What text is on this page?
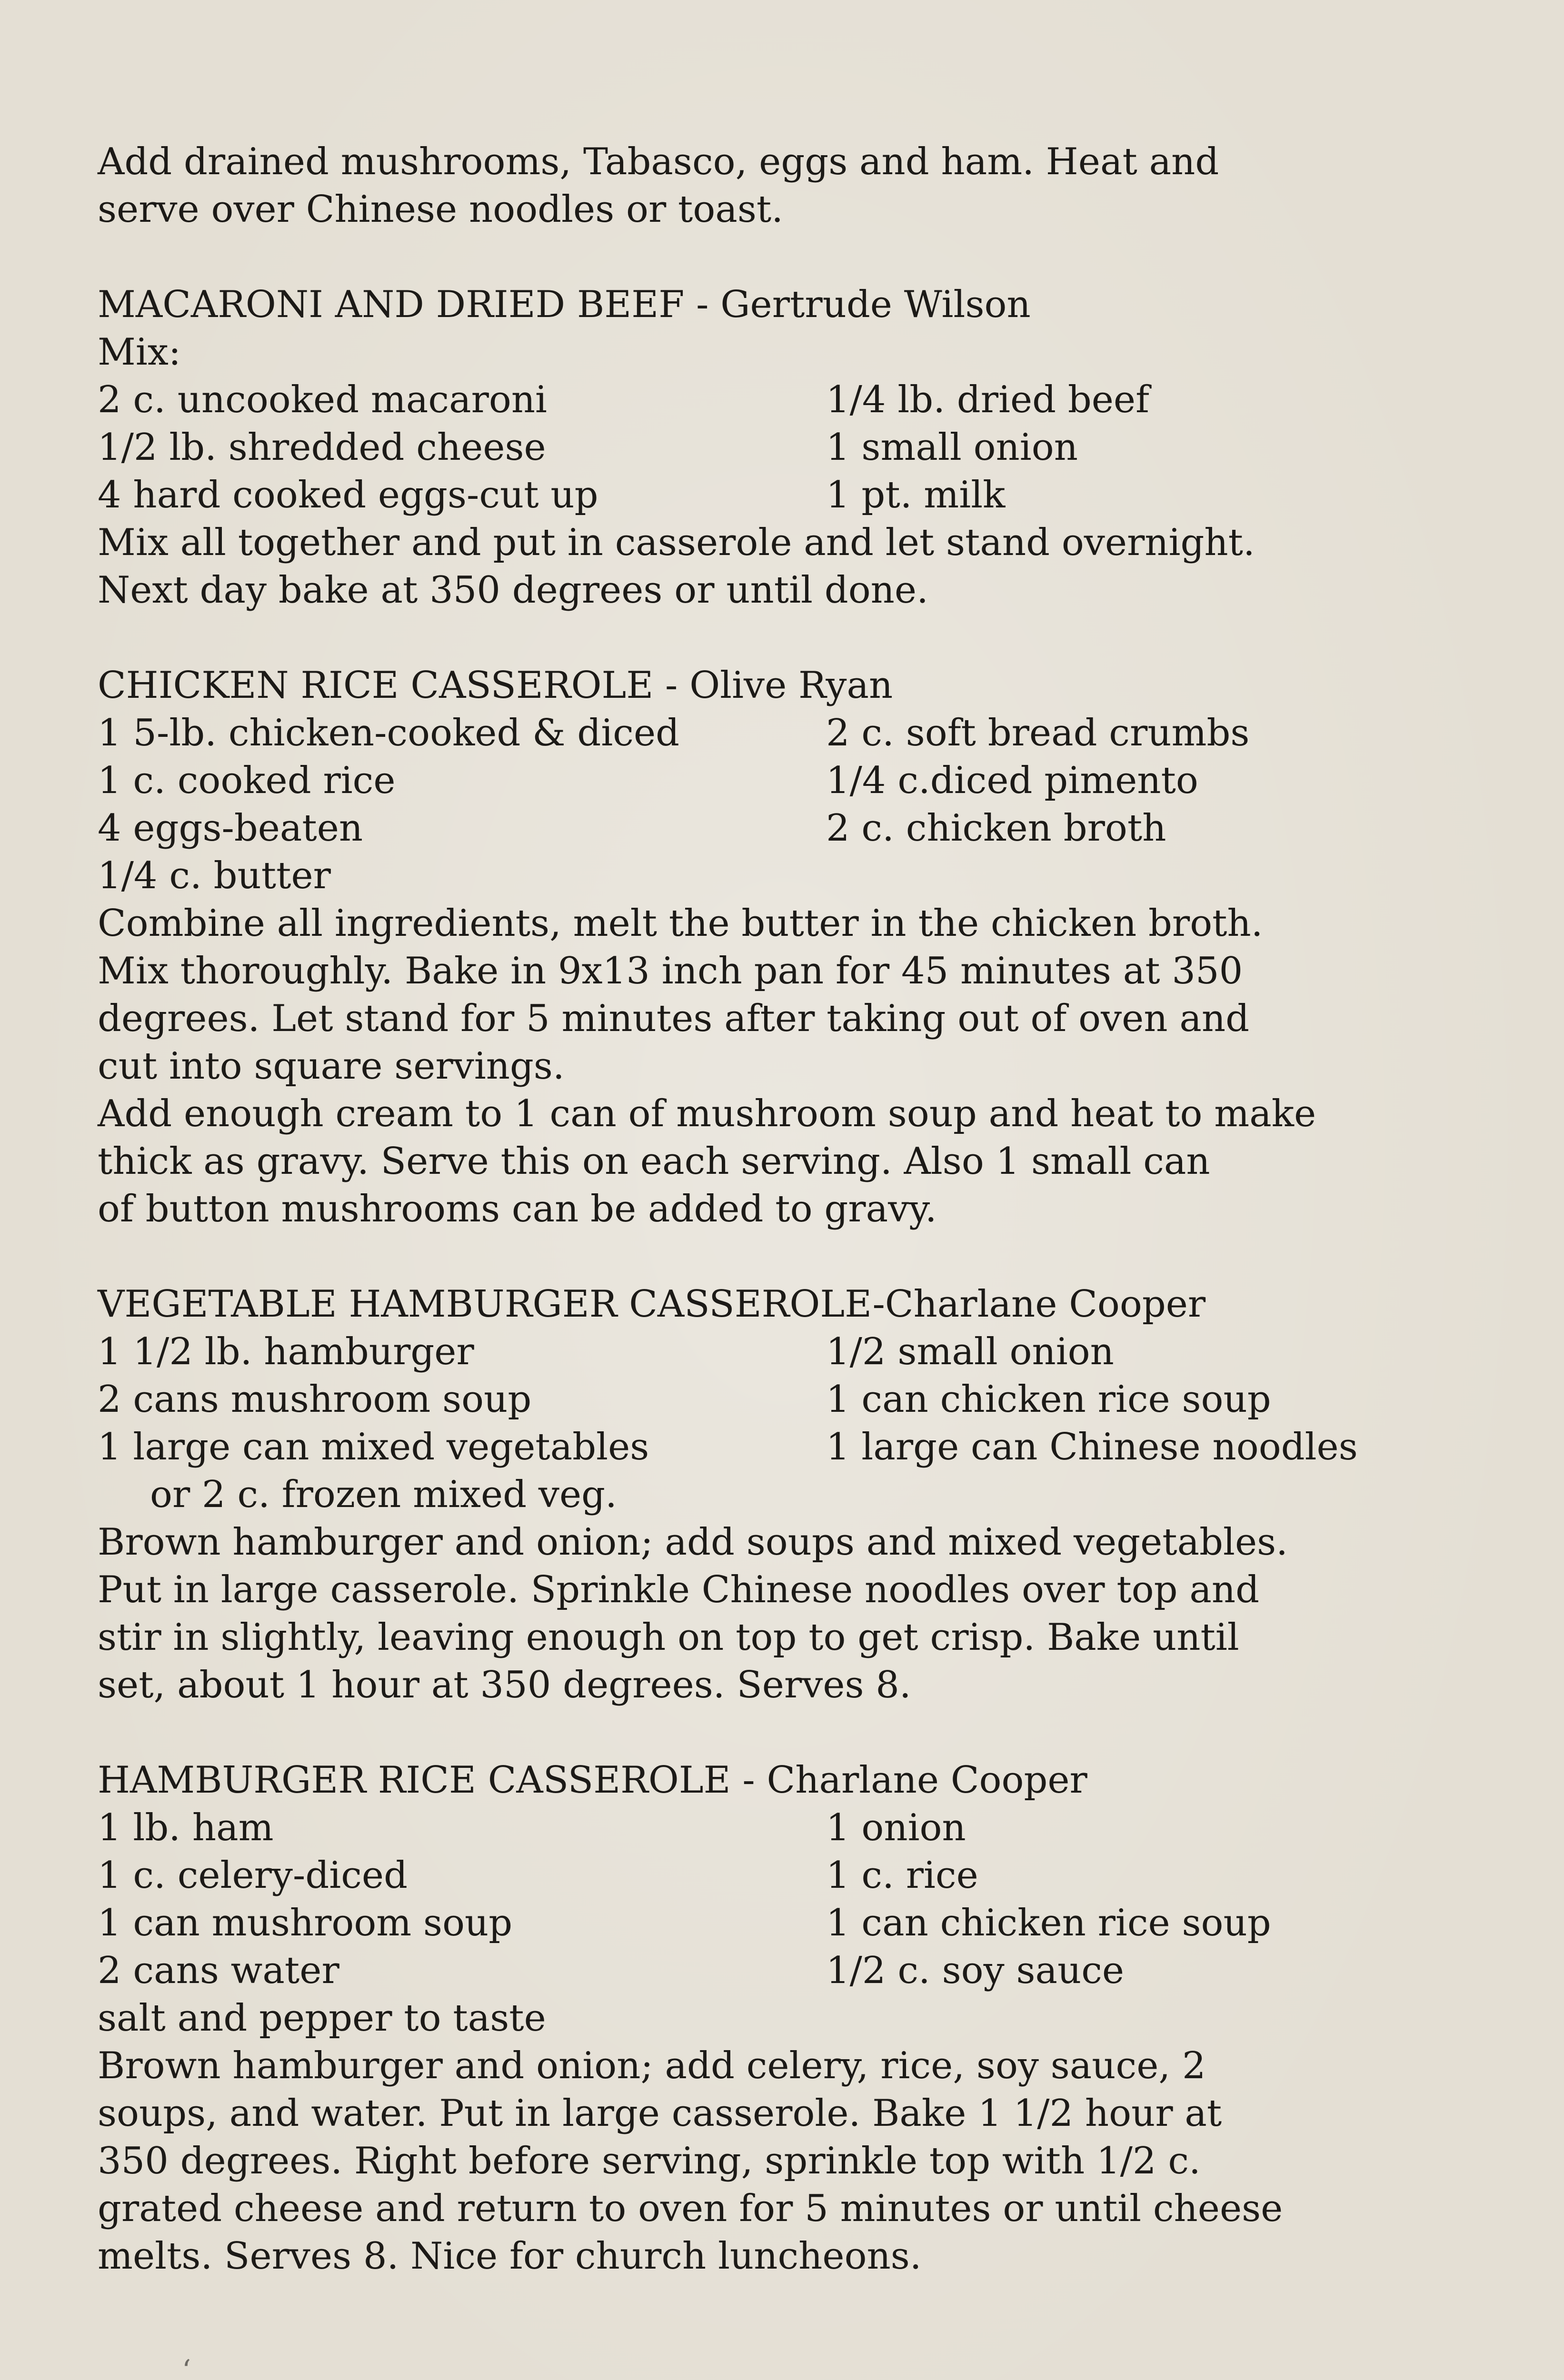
Add drained mushrooms, Tabasco, eggs and ham. Heat and
serve over Chinese noodles or toast.
MACARONI AND DRIED BEEF - Gertrude Wilson
Mix:
2 c. uncooked macaroni	1/4 lb. dried beef
1/2 lb. shredded cheese	1 small onion
4 hard cooked eggs-cut up	1 pt. milk
Mix all together and put in casserole and let stand overnight.
Next day bake at 350 degrees or until done.
CHICKEN RICE CASSEROLE - Olive Ryan
1 5-lb. chicken-cooked & diced	2 c. soft bread crumbs
1 c. cooked rice	1/4 c.diced pimento
4 eggs-beaten	2 c. chicken broth
1/4 c. butter
Combine all ingredients, melt the butter in the chicken broth.
Mix thoroughly. Bake in 9x13 inch pan for 45 minutes at 350
degrees. Let stand for 5 minutes after taking out of oven and
cut into square servings.
Add enough cream to 1 can of mushroom soup and heat to make
thick as gravy. Serve this on each serving. Also 1 small can
of button mushrooms can be added to gravy.
VEGETABLE HAMBURGER CASSEROLE-Charlane Cooper
1 1/2 lb. hamburger	1/2 small onion
2 cans mushroom soup	1 can chicken rice soup
1 large can mixed vegetables	1 large can Chinese noodles
or 2 c. frozen mixed veg.
Brown hamburger and onion; add soups and mixed vegetables.
Put in large casserole. Sprinkle Chinese noodles over top and
stir in slightly, leaving enough on top to get crisp. Bake until
set, about 1 hour at 350 degrees. Serves 8.
HAMBURGER RICE CASSEROLE - Charlane Cooper
1 lb. ham	1 onion
1 c. celery-diced	1 c. rice
1 can mushroom soup	1 can chicken rice soup
2 cans water	1/2 c. soy sauce
salt and pepper to taste
Brown hamburger and onion; add celery, rice, soy sauce, 2
soups, and water. Put in large casserole. Bake 1 1/2 hour at
350 degrees. Right before serving, sprinkle top with 1/2 c.
grated cheese and return to oven for 5 minutes or until cheese
melts. Serves 8. Nice for church luncheons.
ʻ
